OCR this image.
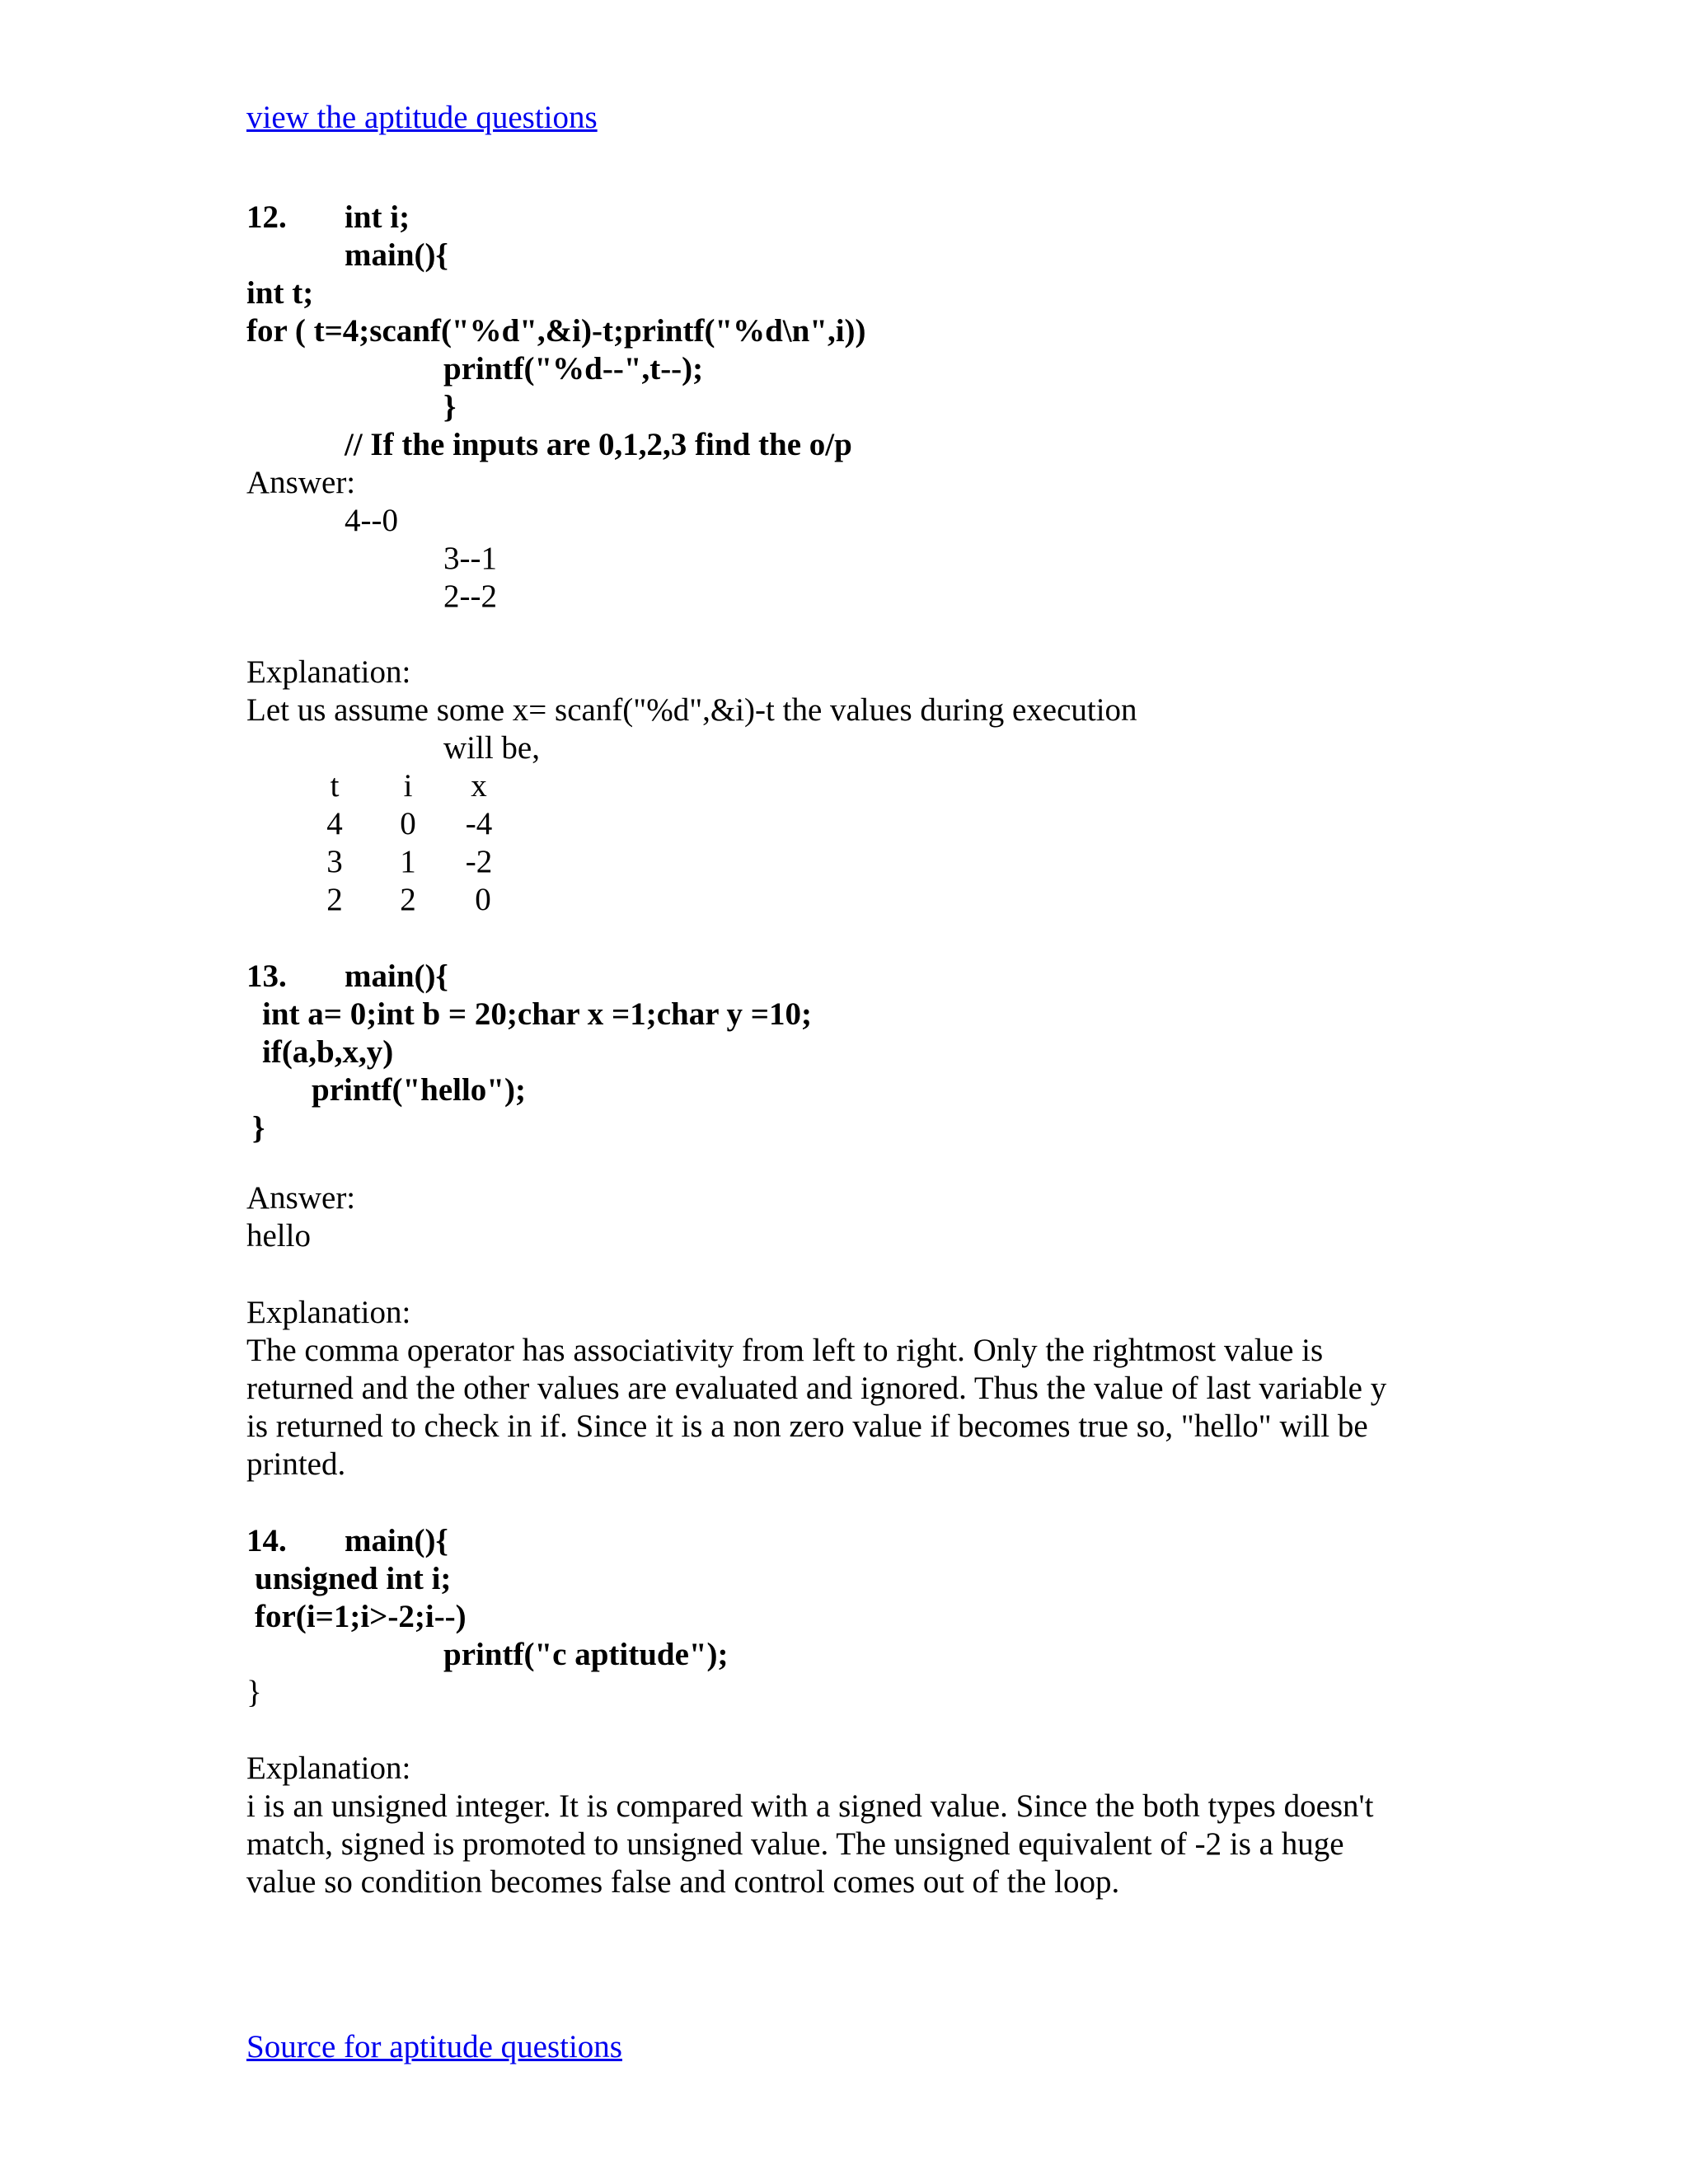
view the aptitude questions
12. int i;
main(){
int t;
for ( t=4;scanf("%d",&i)-t;printf("%d\n",i))
printf("%d--",t--);
}
// If the inputs are 0,1,2,3 find the o/p
Answer:
4--0
3--1
2--2
Explanation:
Let us assume some x= scanf("%d",&i)-t the values during execution
will be,
t	i	x
4	0	-4
3	1	-2
2	2	0
13. main(){
int a= 0;int b = 20;char x =1;char y =10;
if(a,b,x,y)
printf("hello");
}
Answer:
hello
Explanation:
The comma operator has associativity from left to right. Only the rightmost value is
returned and the other values are evaluated and ignored. Thus the value of last variable y
is returned to check in if. Since it is a non zero value if becomes true so, "hello" will be
printed.
14. main(){
unsigned int i;
for(i=1;i>-2;i--)
printf("c aptitude");
}
Explanation:
i is an unsigned integer. It is compared with a signed value. Since the both types doesn't
match, signed is promoted to unsigned value. The unsigned equivalent of -2 is a huge
value so condition becomes false and control comes out of the loop.
Source for aptitude questions
